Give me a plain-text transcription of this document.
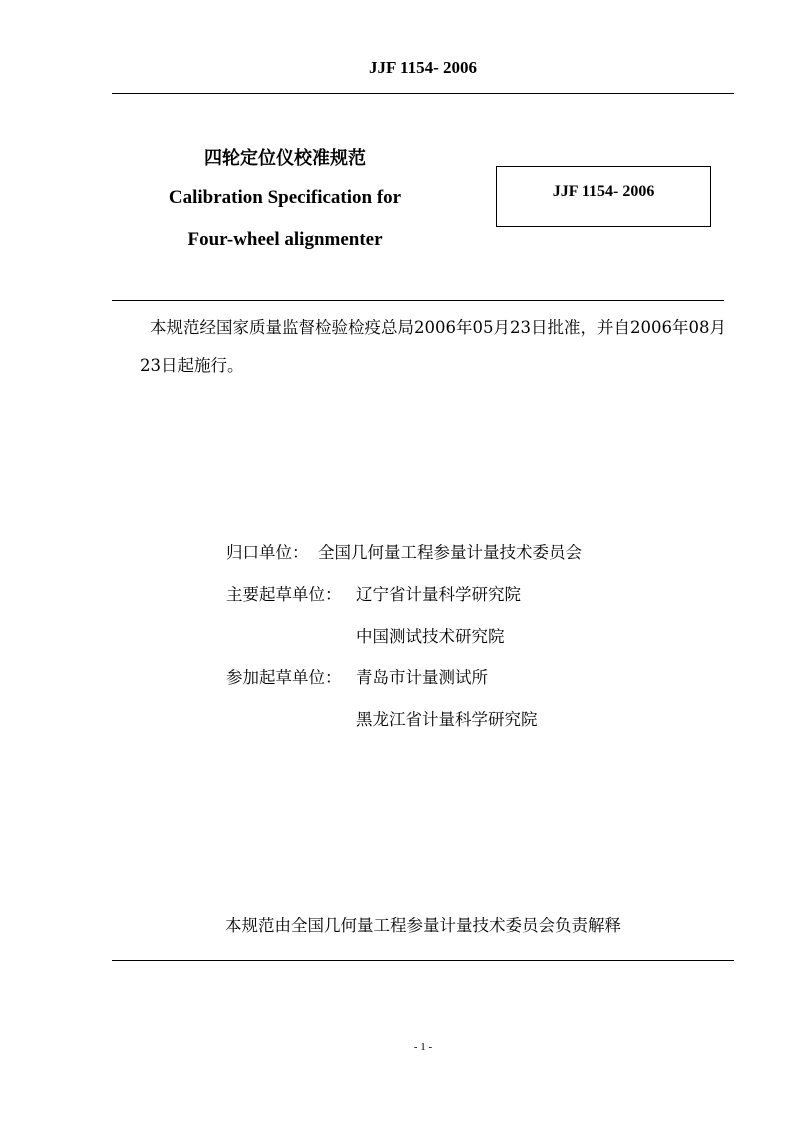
JJF 1154- 2006
四轮定位仪校准规范
Calibration Specification for
Four-wheel alignmenter
JJF 1154- 2006
本规范经国家质量监督检验检疫总局2006年05月23日批准，并自2006年08月23日起施行。
归口单位： 全国几何量工程参量计量技术委员会
主要起草单位： 辽宁省计量科学研究院
中国测试技术研究院
参加起草单位： 青岛市计量测试所
黑龙江省计量科学研究院
本规范由全国几何量工程参量计量技术委员会负责解释
- 1 -
